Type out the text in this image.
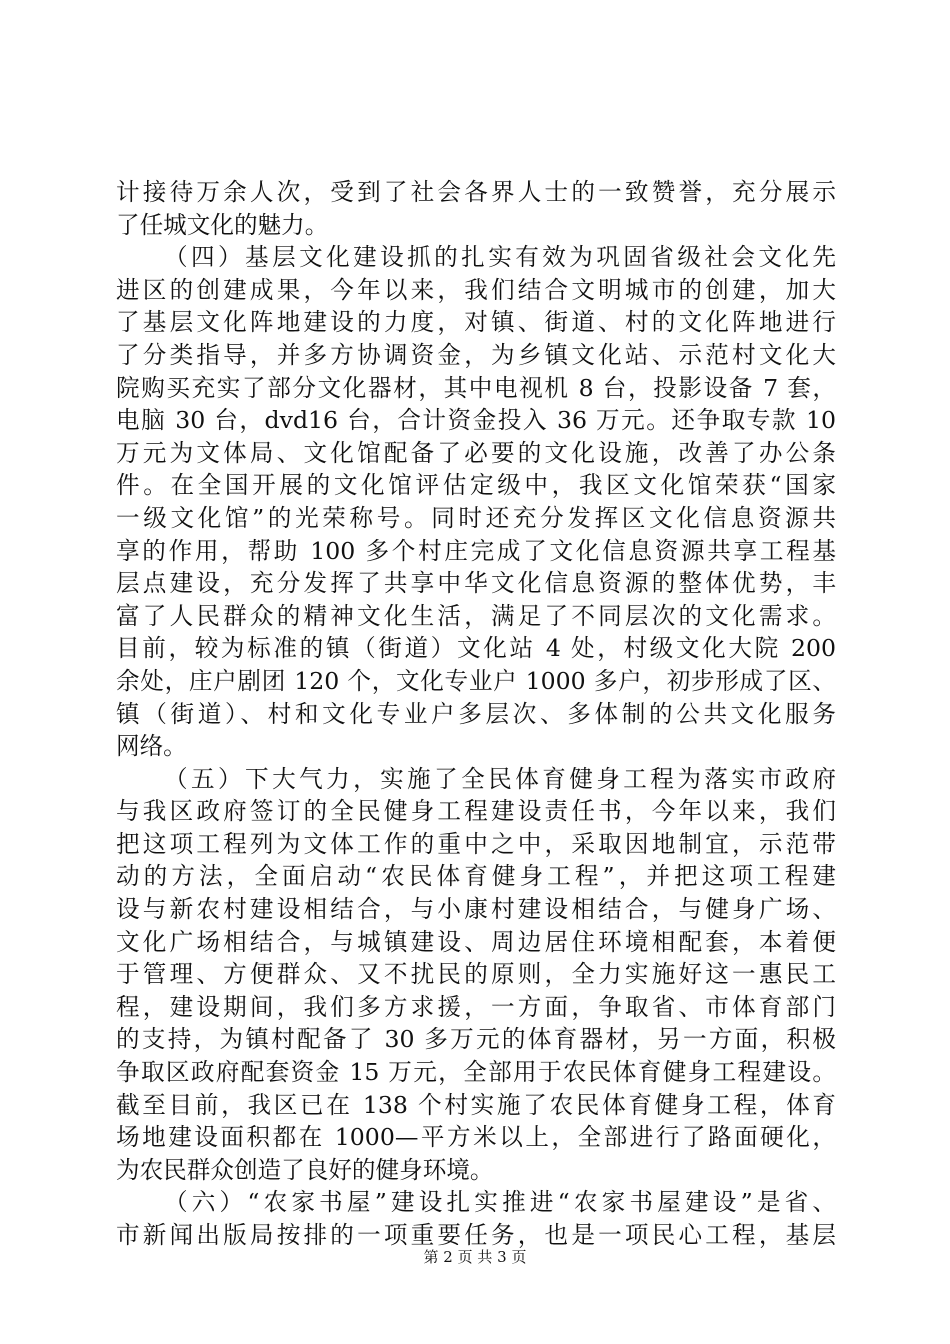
计接待万余人次，受到了社会各界人士的一致赞誉，充分展示
了任城文化的魅力。
（四）基层文化建设抓的扎实有效为巩固省级社会文化先
进区的创建成果，今年以来，我们结合文明城市的创建，加大
了基层文化阵地建设的力度，对镇、街道、村的文化阵地进行
了分类指导，并多方协调资金，为乡镇文化站、示范村文化大
院购买充实了部分文化器材，其中电视机 8 台，投影设备 7 套，
电脑 30 台，dvd16 台，合计资金投入 36 万元。还争取专款 10
万元为文体局、文化馆配备了必要的文化设施，改善了办公条
件。在全国开展的文化馆评估定级中，我区文化馆荣获“国家
一级文化馆”的光荣称号。同时还充分发挥区文化信息资源共
享的作用，帮助 100 多个村庄完成了文化信息资源共享工程基
层点建设，充分发挥了共享中华文化信息资源的整体优势，丰
富了人民群众的精神文化生活，满足了不同层次的文化需求。
目前，较为标准的镇（街道）文化站 4 处，村级文化大院 200
余处，庄户剧团 120 个，文化专业户 1000 多户，初步形成了区、
镇（街道）、村和文化专业户多层次、多体制的公共文化服务
网络。
（五）下大气力，实施了全民体育健身工程为落实市政府
与我区政府签订的全民健身工程建设责任书，今年以来，我们
把这项工程列为文体工作的重中之中，采取因地制宜，示范带
动的方法，全面启动“农民体育健身工程”，并把这项工程建
设与新农村建设相结合，与小康村建设相结合，与健身广场、
文化广场相结合，与城镇建设、周边居住环境相配套，本着便
于管理、方便群众、又不扰民的原则，全力实施好这一惠民工
程，建设期间，我们多方求援，一方面，争取省、市体育部门
的支持，为镇村配备了 30 多万元的体育器材，另一方面，积极
争取区政府配套资金 15 万元，全部用于农民体育健身工程建设。
截至目前，我区已在 138 个村实施了农民体育健身工程，体育
场地建设面积都在 1000—平方米以上，全部进行了路面硬化，
为农民群众创造了良好的健身环境。
（六）“农家书屋”建设扎实推进“农家书屋建设”是省、
市新闻出版局按排的一项重要任务，也是一项民心工程，基层
第 2 页 共 3 页
